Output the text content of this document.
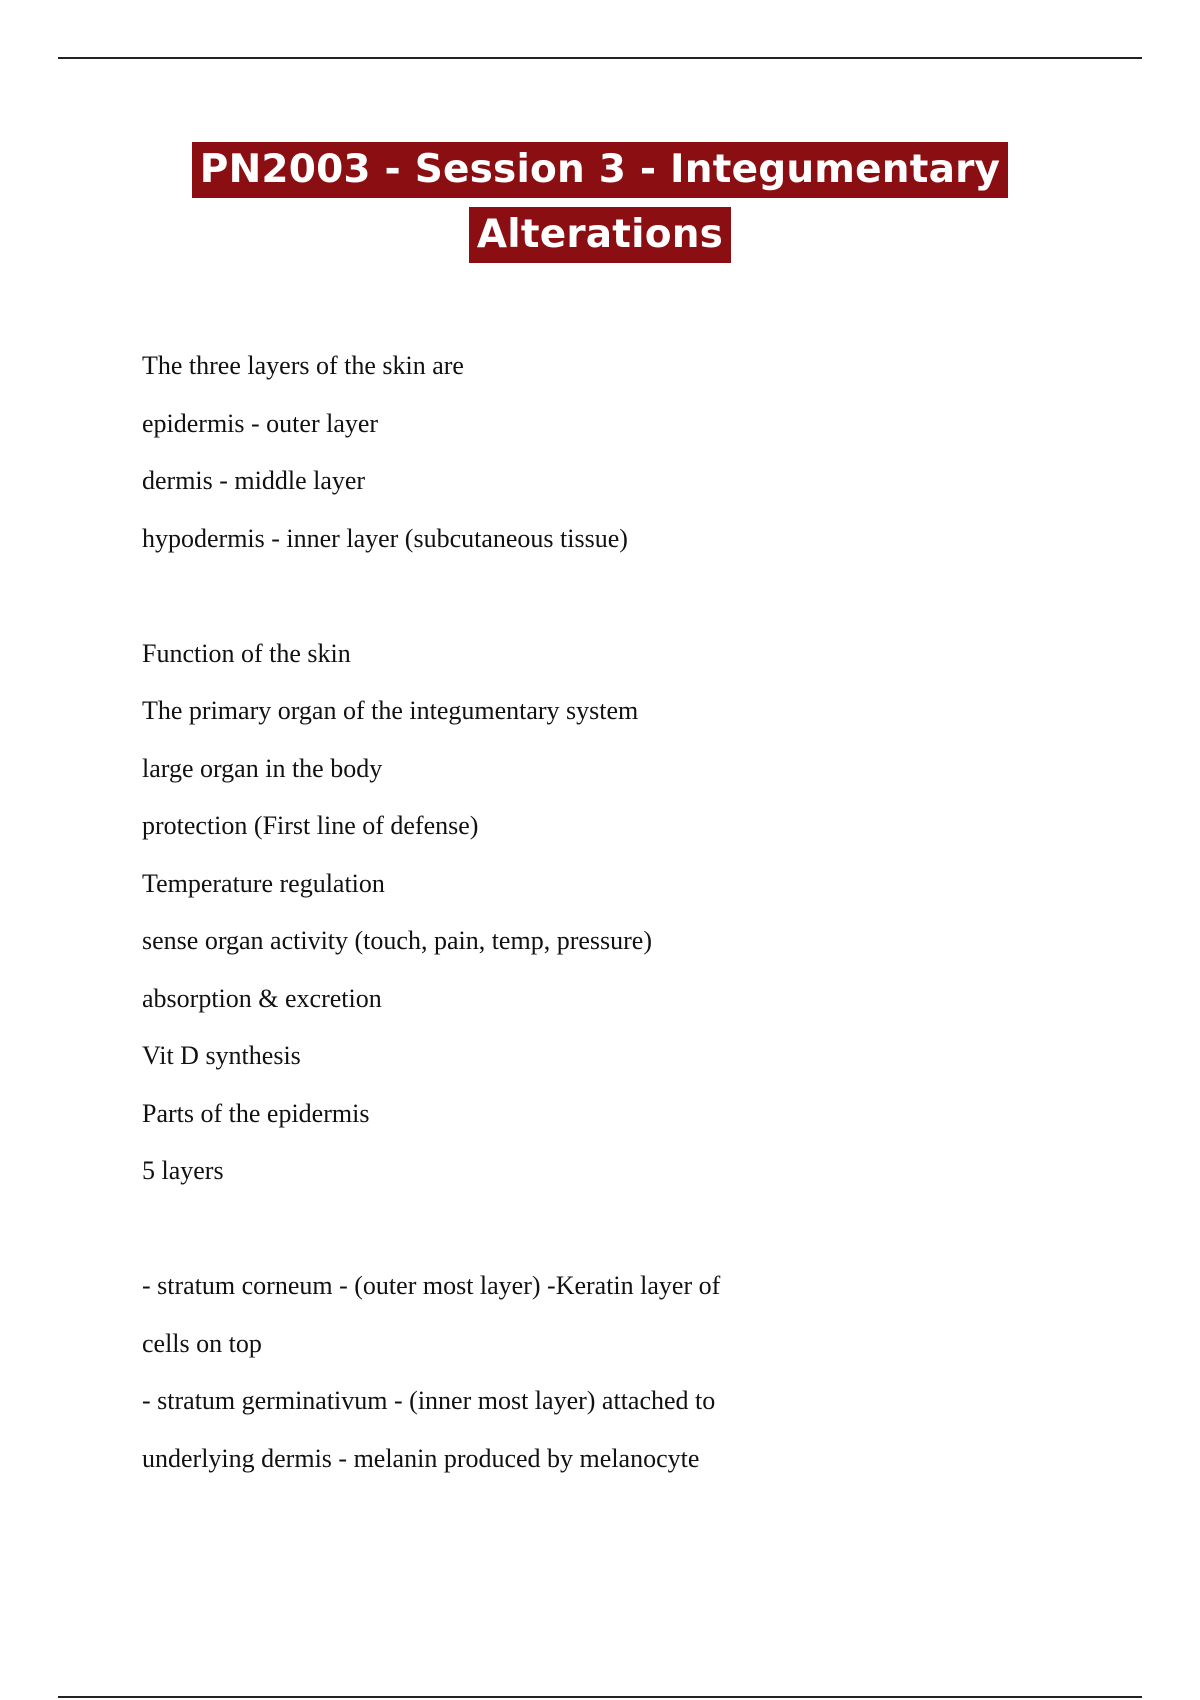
PN2003 - Session 3 - Integumentary
Alterations
The three layers of the skin are
epidermis - outer layer
dermis - middle layer
hypodermis - inner layer (subcutaneous tissue)
Function of the skin
The primary organ of the integumentary system
large organ in the body
protection (First line of defense)
Temperature regulation
sense organ activity (touch, pain, temp, pressure)
absorption & excretion
Vit D synthesis
Parts of the epidermis
5 layers
- stratum corneum - (outer most layer) -Keratin layer of
cells on top
- stratum germinativum - (inner most layer) attached to
underlying dermis - melanin produced by melanocyte
